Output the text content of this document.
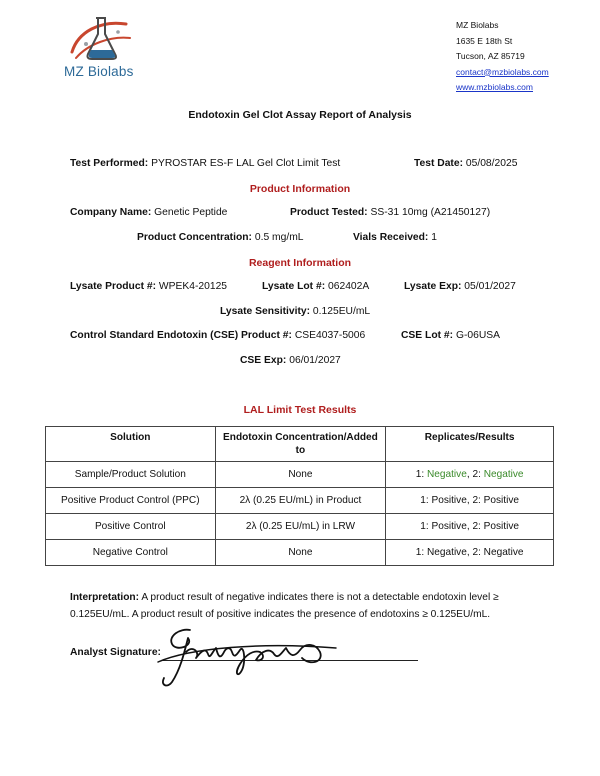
MZ Biolabs
MZ Biolabs
1635 E 18th St
Tucson, AZ 85719
contact@mzbiolabs.com
www.mzbiolabs.com
Endotoxin Gel Clot Assay Report of Analysis
Test Performed: PYROSTAR ES-F LAL Gel Clot Limit Test	Test Date: 05/08/2025
Product Information
Company Name: Genetic Peptide	Product Tested: SS-31 10mg (A21450127)
Product Concentration: 0.5 mg/mL	Vials Received: 1
Reagent Information
Lysate Product #: WPEK4-20125	Lysate Lot #: 062402A	Lysate Exp: 05/01/2027
Lysate Sensitivity: 0.125EU/mL
Control Standard Endotoxin (CSE) Product #: CSE4037-5006	CSE Lot #: G-06USA
CSE Exp: 06/01/2027
LAL Limit Test Results
Solution	Endotoxin Concentration/Added to	Replicates/Results
Sample/Product Solution	None	1: Negative, 2: Negative
Positive Product Control (PPC)	2λ (0.25 EU/mL) in Product	1: Positive, 2: Positive
Positive Control	2λ (0.25 EU/mL) in LRW	1: Positive, 2: Positive
Negative Control	None	1: Negative, 2: Negative
Interpretation: A product result of negative indicates there is not a detectable endotoxin level ≥ 0.125EU/mL. A product result of positive indicates the presence of endotoxins ≥ 0.125EU/mL.
Analyst Signature:
